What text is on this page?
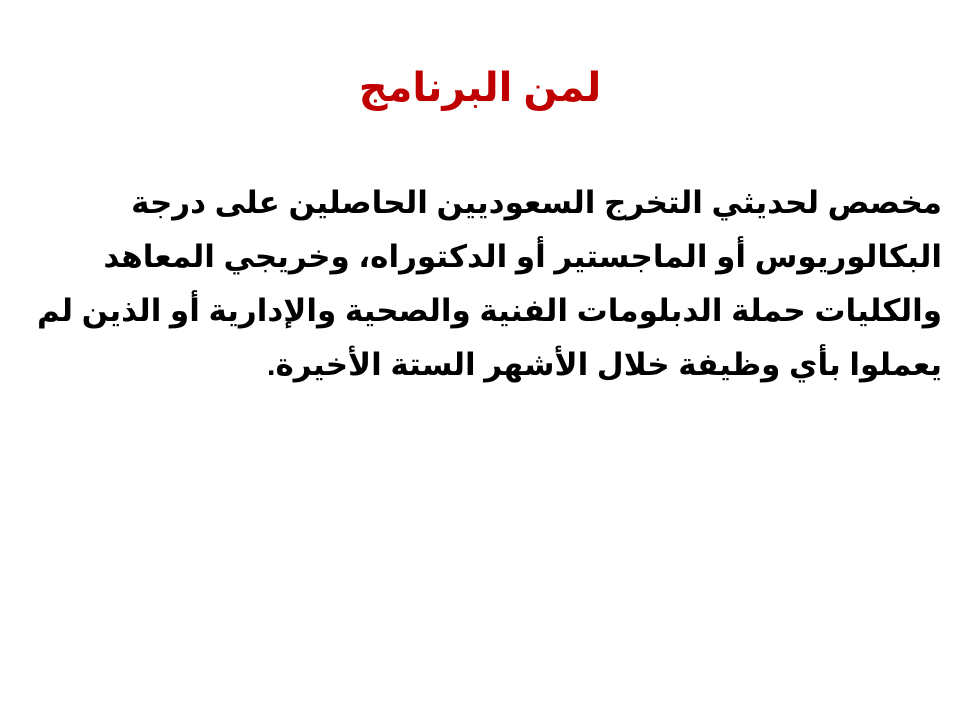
لمن البرنامج

مخصص لحديثي التخرج السعوديين الحاصلين على درجة البكالوريوس أو الماجستير أو الدكتوراه، وخريجي المعاهد والكليات حملة الدبلومات الفنية والصحية والإدارية أو الذين لم يعملوا بأي وظيفة خلال الأشهر الستة الأخيرة.
